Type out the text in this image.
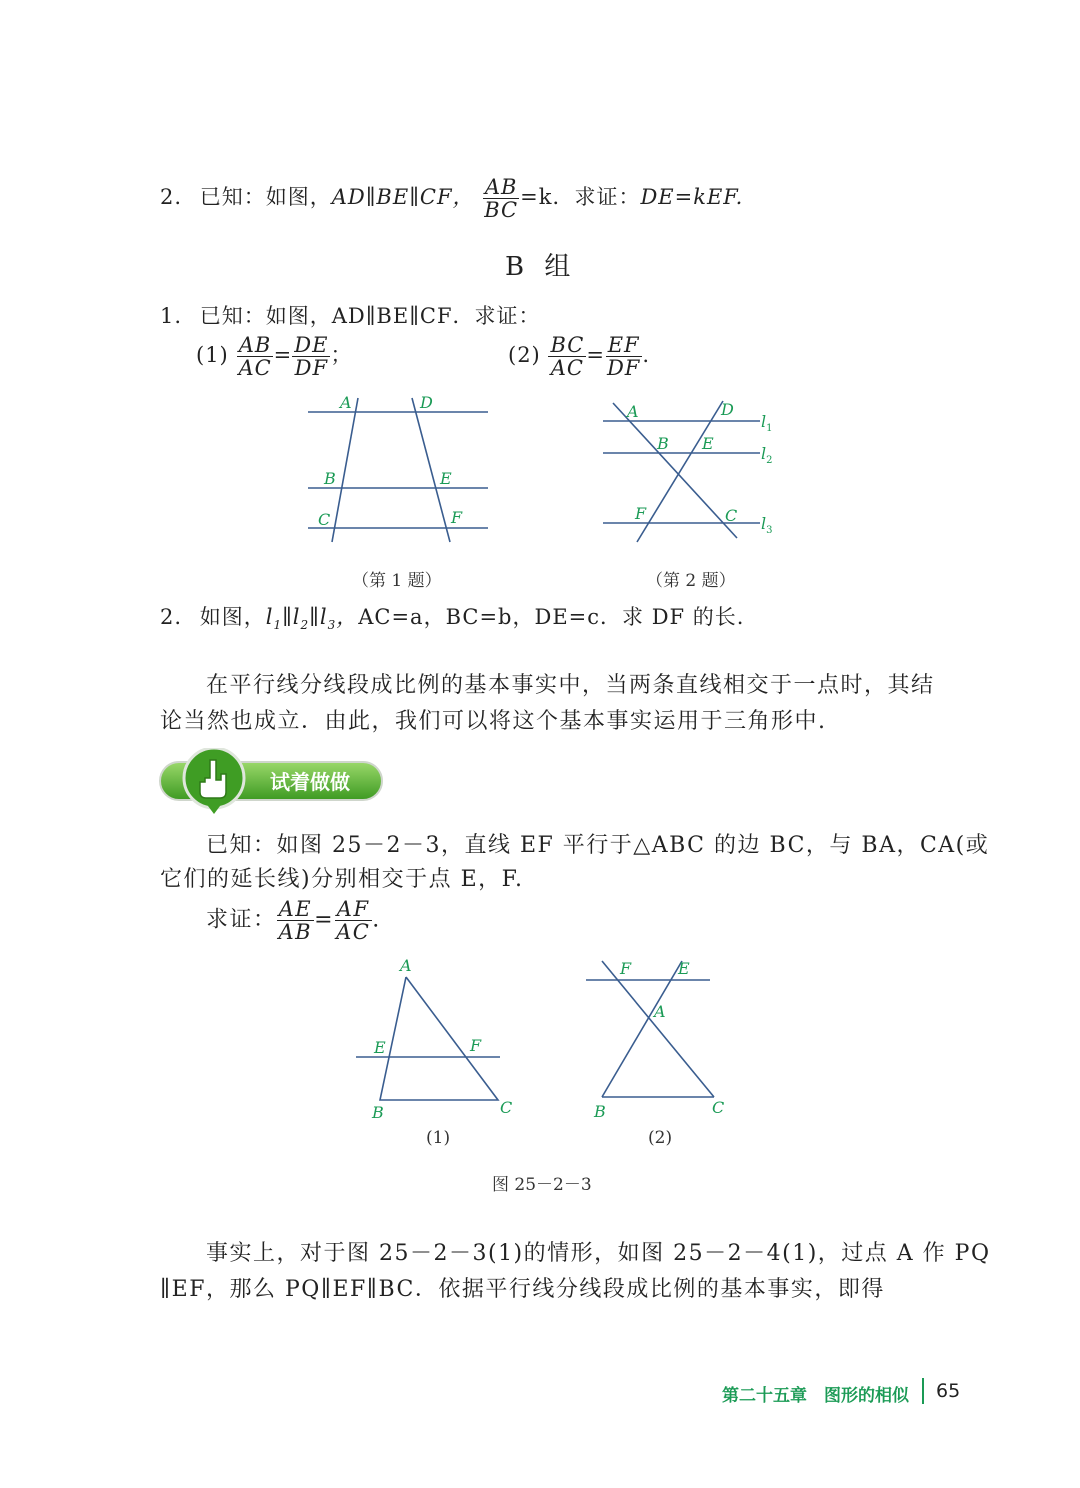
2. 已知：如图，AD∥BE∥CF， $\frac{AB}{BC} =k$．求证：DE=kEF.
B 组
1. 已知：如图，AD∥BE∥CF．求证：
$(1) \frac{AB}{AC} = \frac{DE}{DF}$ ；	$(2) \frac{BC}{AC} = \frac{EF}{DF}$ .
A	D
B	E
C	F
A	D
B E
F	C
$l_1$
$l_2$
$l_3$
（第 1 题）	（第 2 题）
2. 如图，$l_1\parallel l_2\parallel l_3$，AC=a，BC=b，DE=c．求 DF 的长.
在平行线分线段成比例的基本事实中，当两条直线相交于一点时，其结
论当然也成立．由此，我们可以将这个基本事实运用于三角形中.
试着做做
已知：如图 25－2－3，直线 EF 平行于△ABC 的边 BC，与 BA，CA(或
它们的延长线)分别相交于点 E，F.
求证： $\frac{AE}{AB} = \frac{AF}{AC}$ .
A
E	F
B	C
F	E
A
B	C
(1)	(2)
图 25－2－3
事实上，对于图 25－2－3(1)的情形，如图 25－2－4(1)，过点 A 作 PQ
∥EF，那么 PQ∥EF∥BC．依据平行线分线段成比例的基本事实，即得
第二十五章　图形的相似 65
